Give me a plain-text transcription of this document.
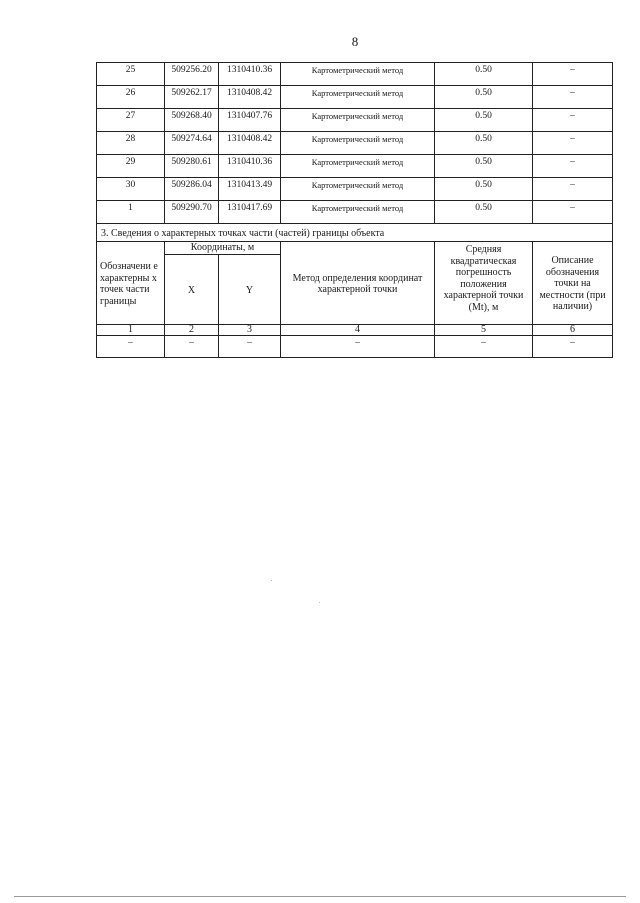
8
25	509256.20	1310410.36	Картометрический метод	0.50	–
26	509262.17	1310408.42	Картометрический метод	0.50	–
27	509268.40	1310407.76	Картометрический метод	0.50	–
28	509274.64	1310408.42	Картометрический метод	0.50	–
29	509280.61	1310410.36	Картометрический метод	0.50	–
30	509286.04	1310413.49	Картометрический метод	0.50	–
1	509290.70	1310417.69	Картометрический метод	0.50	–
3. Сведения о характерных точках части (частей) границы объекта					
Обозначени е характерны х точек части границы	Координаты, м		Метод определения координат характерной точки	Средняя квадратическая погрешность положения характерной точки (Мt), м	Описание обозначения точки на местности (при наличии)
	X	Y			
1	2	3	4	5	6
–	–	–	–	–	–
